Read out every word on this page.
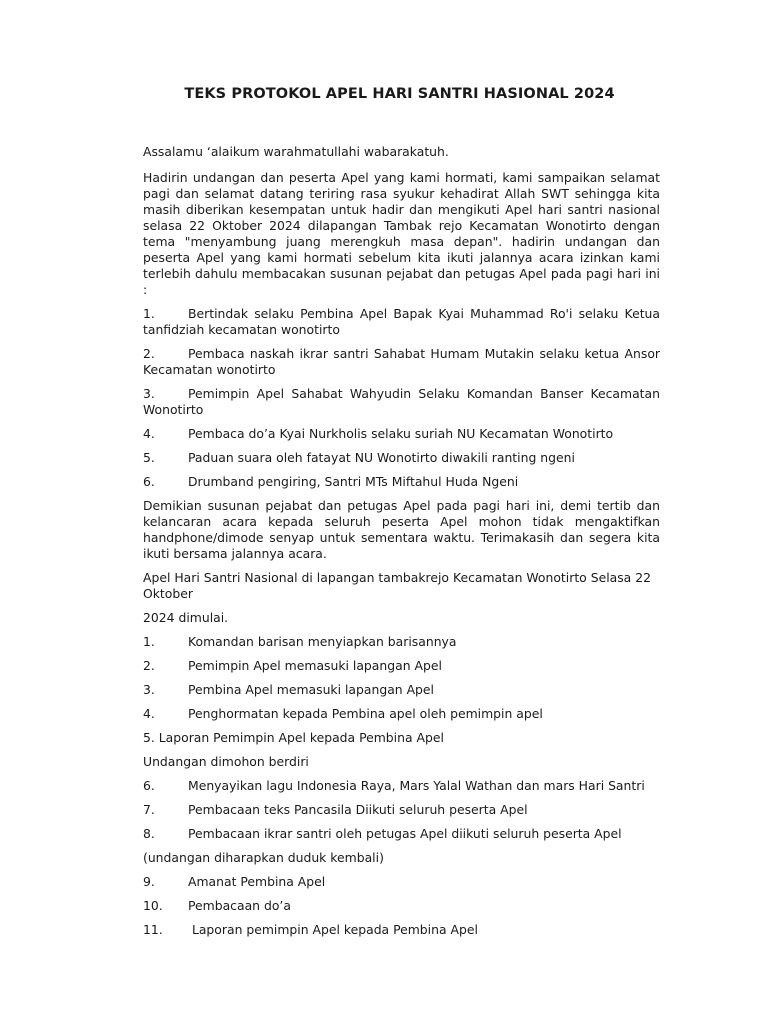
TEKS PROTOKOL APEL HARI SANTRI HASIONAL 2024

Assalamu ‘alaikum warahmatullahi wabarakatuh.

Hadirin undangan dan peserta Apel yang kami hormati, kami sampaikan selamat pagi dan selamat datang teriring rasa syukur kehadirat Allah SWT sehingga kita masih diberikan kesempatan untuk hadir dan mengikuti Apel hari santri nasional selasa 22 Oktober 2024 dilapangan Tambak rejo Kecamatan Wonotirto dengan tema "menyambung juang merengkuh masa depan". hadirin undangan dan peserta Apel yang kami hormati sebelum kita ikuti jalannya acara izinkan kami terlebih dahulu membacakan susunan pejabat dan petugas Apel pada pagi hari ini :

1.	Bertindak selaku Pembina Apel Bapak Kyai Muhammad Ro'i selaku Ketua tanfidziah kecamatan wonotirto

2.	Pembaca naskah ikrar santri Sahabat Humam Mutakin selaku ketua Ansor Kecamatan wonotirto

3.	Pemimpin Apel Sahabat Wahyudin Selaku Komandan Banser Kecamatan Wonotirto

4.	Pembaca do’a Kyai Nurkholis selaku suriah NU Kecamatan Wonotirto

5.	Paduan suara oleh fatayat NU Wonotirto diwakili ranting ngeni

6.	Drumband pengiring, Santri MTs Miftahul Huda Ngeni

Demikian susunan pejabat dan petugas Apel pada pagi hari ini, demi tertib dan kelancaran acara kepada seluruh peserta Apel mohon tidak mengaktifkan handphone/dimode senyap untuk sementara waktu. Terimakasih dan segera kita ikuti bersama jalannya acara.

Apel Hari Santri Nasional di lapangan tambakrejo Kecamatan Wonotirto Selasa 22 Oktober

2024 dimulai.

1.	Komandan barisan menyiapkan barisannya

2.	Pemimpin Apel memasuki lapangan Apel

3.	Pembina Apel memasuki lapangan Apel

4.	Penghormatan kepada Pembina apel oleh pemimpin apel

5. Laporan Pemimpin Apel kepada Pembina Apel

Undangan dimohon berdiri

6.	Menyayikan lagu Indonesia Raya, Mars Yalal Wathan dan mars Hari Santri

7.	Pembacaan teks Pancasila Diikuti seluruh peserta Apel

8.	Pembacaan ikrar santri oleh petugas Apel diikuti seluruh peserta Apel

(undangan diharapkan duduk kembali)

9.	Amanat Pembina Apel

10. Pembacaan do’a

11. Laporan pemimpin Apel kepada Pembina Apel
